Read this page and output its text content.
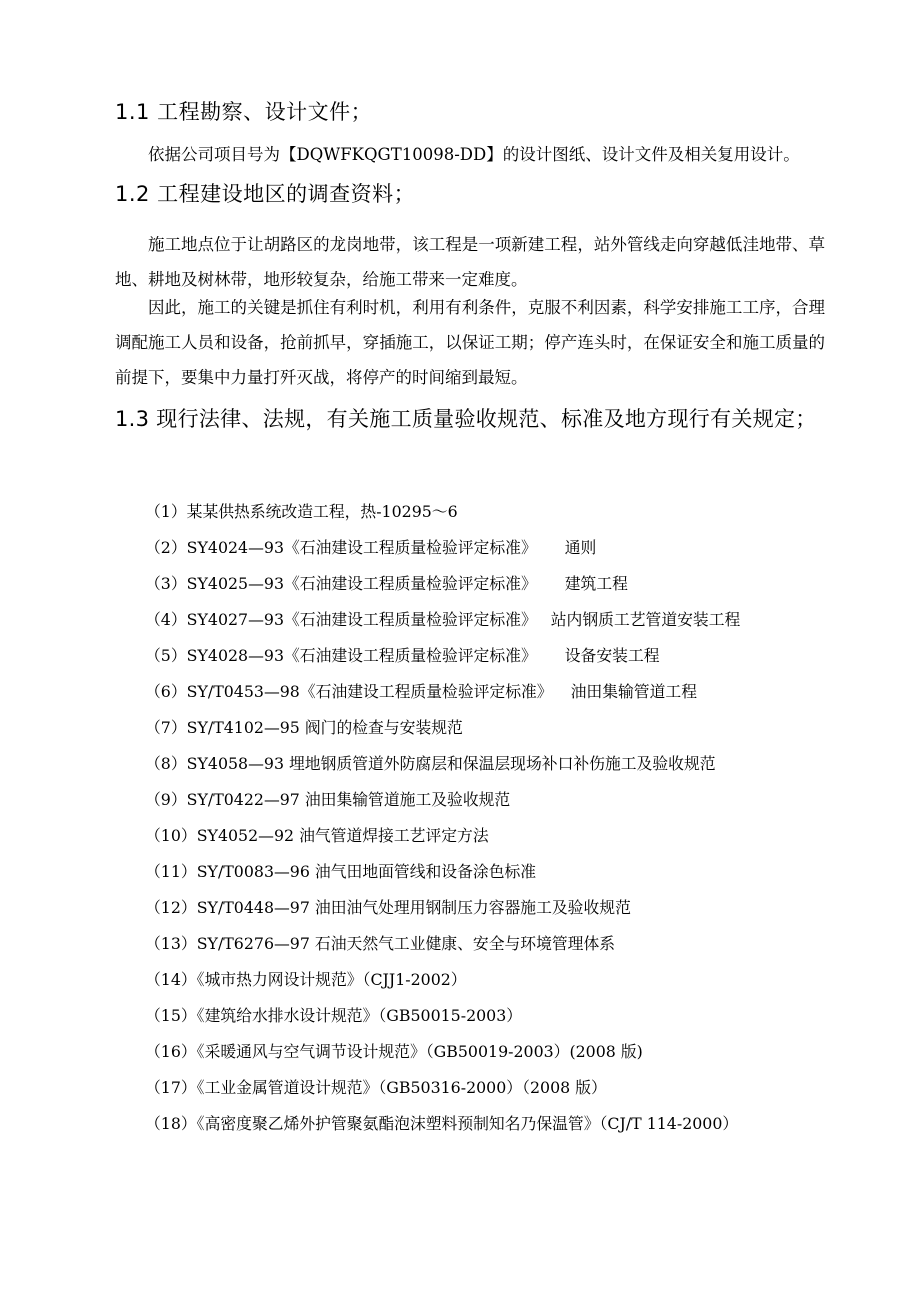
1.1 工程勘察、设计文件；
依据公司项目号为【DQWFKQGT10098-DD】的设计图纸、设计文件及相关复用设计。
1.2 工程建设地区的调查资料；
施工地点位于让胡路区的龙岗地带，该工程是一项新建工程，站外管线走向穿越低洼地带、草地、耕地及树林带，地形较复杂，给施工带来一定难度。
因此，施工的关键是抓住有利时机，利用有利条件，克服不利因素，科学安排施工工序，合理调配施工人员和设备，抢前抓早，穿插施工，以保证工期；停产连头时，在保证安全和施工质量的前提下，要集中力量打歼灭战，将停产的时间缩到最短。
1.3 现行法律、法规，有关施工质量验收规范、标准及地方现行有关规定；
（1）某某供热系统改造工程，热-10295～6
（2）SY4024—93《石油建设工程质量检验评定标准》 通则
（3）SY4025—93《石油建设工程质量检验评定标准》 建筑工程
（4）SY4027—93《石油建设工程质量检验评定标准》 站内钢质工艺管道安装工程
（5）SY4028—93《石油建设工程质量检验评定标准》 设备安装工程
（6）SY/T0453—98《石油建设工程质量检验评定标准》 油田集输管道工程
（7）SY/T4102—95 阀门的检查与安装规范
（8）SY4058—93 埋地钢质管道外防腐层和保温层现场补口补伤施工及验收规范
（9）SY/T0422—97 油田集输管道施工及验收规范
（10）SY4052—92 油气管道焊接工艺评定方法
（11）SY/T0083—96 油气田地面管线和设备涂色标准
（12）SY/T0448—97 油田油气处理用钢制压力容器施工及验收规范
（13）SY/T6276—97 石油天然气工业健康、安全与环境管理体系
（14）《城市热力网设计规范》（CJJ1-2002）
（15）《建筑给水排水设计规范》（GB50015-2003）
（16）《采暖通风与空气调节设计规范》（GB50019-2003）(2008 版)
（17）《工业金属管道设计规范》（GB50316-2000）（2008 版）
（18）《高密度聚乙烯外护管聚氨酯泡沫塑料预制知名乃保温管》（CJ/T 114-2000）
